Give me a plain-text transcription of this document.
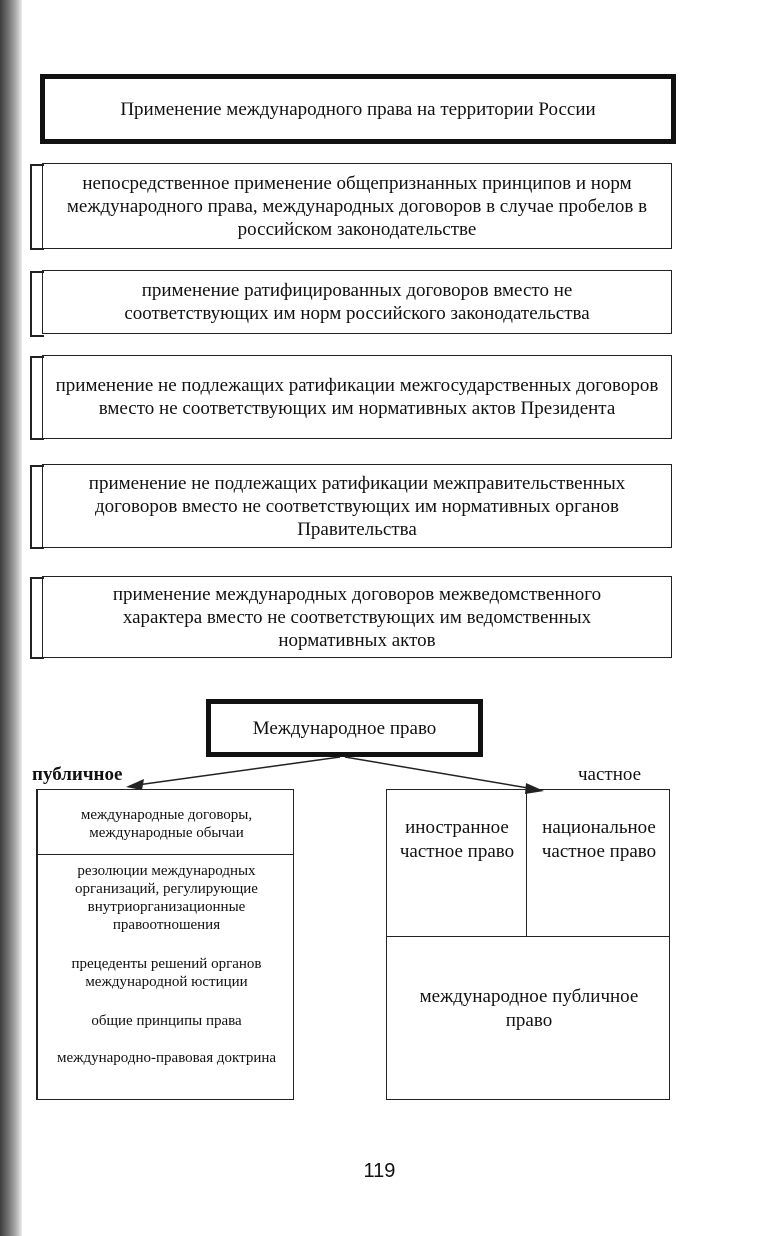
Применение международного права на территории России
непосредственное применение общепризнанных принципов и норм международного права, международных договоров в случае пробелов в российском законодательстве
применение ратифицированных договоров вместо не соответствующих им норм российского законодательства
применение не подлежащих ратификации межгосударственных договоров вместо не соответствующих им нормативных актов Президента
применение не подлежащих ратификации межправительственных договоров вместо не соответствующих им нормативных органов Правительства
применение международных договоров межведомственного характера вместо не соответствующих им ведомственных нормативных актов
Международное право
публичное	частное
международные договоры, международные обычаи
резолюции международных организаций, регулирующие внутриорганизационные правоотношения
прецеденты решений органов международной юстиции
общие принципы права
международно-правовая доктрина
иностранное частное право
национальное частное право
международное публичное право
119
